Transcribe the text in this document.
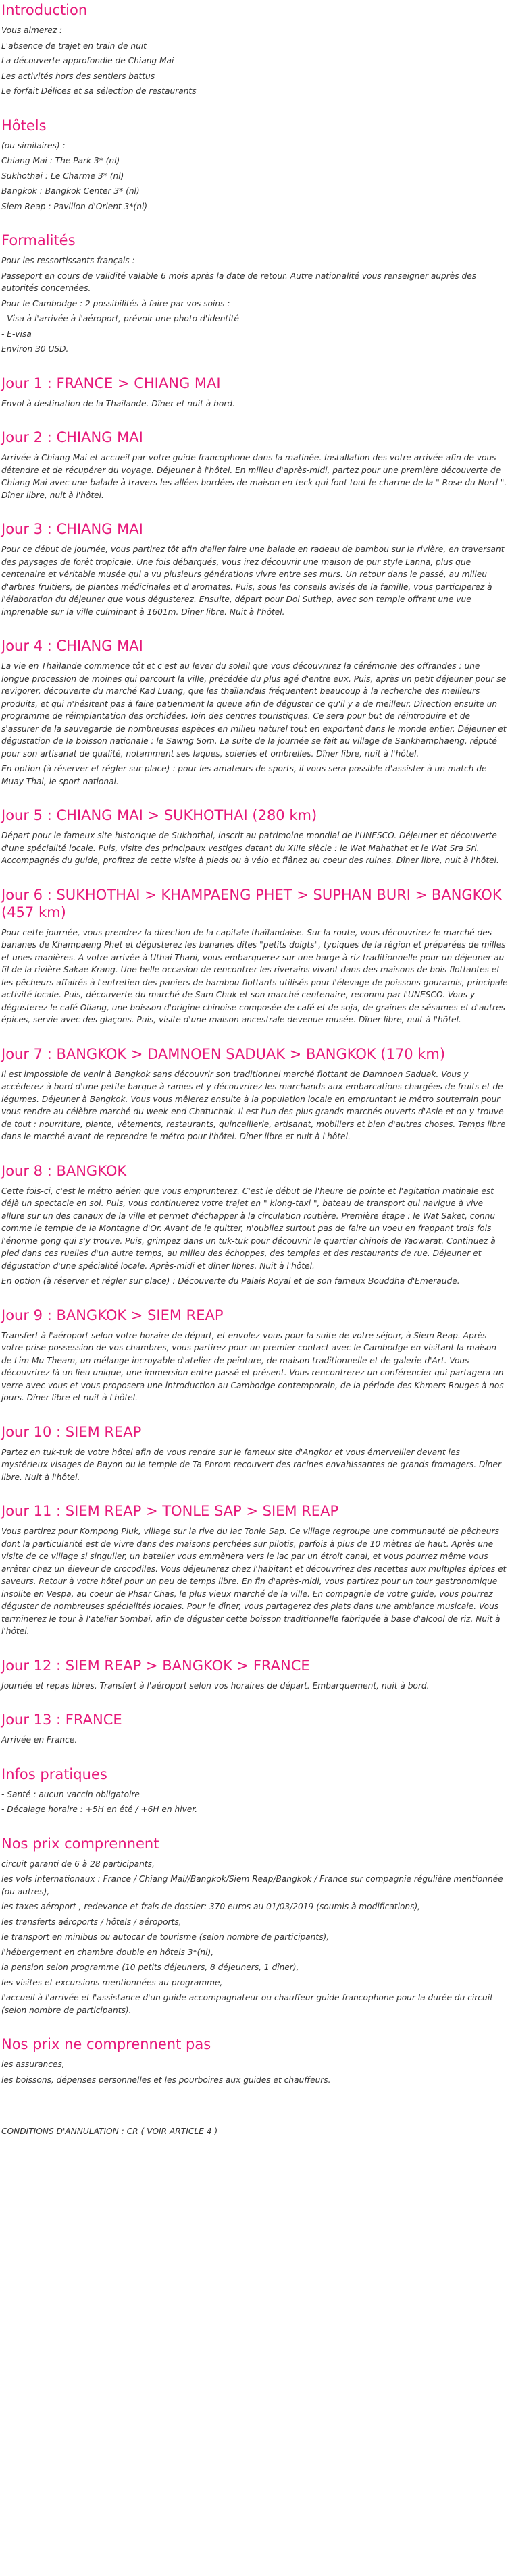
Introduction

Vous aimerez :

L'absence de trajet en train de nuit

La découverte approfondie de Chiang Mai

Les activités hors des sentiers battus

Le forfait Délices et sa sélection de restaurants

Hôtels

(ou similaires) :

Chiang Mai : The Park 3* (nl)

Sukhothai : Le Charme 3* (nl)

Bangkok : Bangkok Center 3* (nl)

Siem Reap : Pavillon d'Orient 3*(nl)

Formalités

Pour les ressortissants français :

Passeport en cours de validité valable 6 mois après la date de retour. Autre nationalité vous renseigner auprès des autorités concernées.

Pour le Cambodge : 2 possibilités à faire par vos soins :

- Visa à l'arrivée à l'aéroport, prévoir une photo d'identité

- E-visa

Environ 30 USD.

Jour 1 : FRANCE > CHIANG MAI

Envol à destination de la Thaïlande. Dîner et nuit à bord.

Jour 2 : CHIANG MAI

Arrivée à Chiang Mai et accueil par votre guide francophone dans la matinée. Installation des votre arrivée afin de vous détendre et de récupérer du voyage. Déjeuner à l'hôtel. En milieu d'après-midi, partez pour une première découverte de Chiang Mai avec une balade à travers les allées bordées de maison en teck qui font tout le charme de la " Rose du Nord ". Dîner libre, nuit à l'hôtel.

Jour 3 : CHIANG MAI

Pour ce début de journée, vous partirez tôt afin d'aller faire une balade en radeau de bambou sur la rivière, en traversant des paysages de forêt tropicale. Une fois débarqués, vous irez découvrir une maison de pur style Lanna, plus que centenaire et véritable musée qui a vu plusieurs générations vivre entre ses murs. Un retour dans le passé, au milieu d'arbres fruitiers, de plantes médicinales et d'aromates. Puis, sous les conseils avisés de la famille, vous participerez à l'élaboration du déjeuner que vous dégusterez. Ensuite, départ pour Doi Suthep, avec son temple offrant une vue imprenable sur la ville culminant à 1601m. Dîner libre. Nuit à l'hôtel.

Jour 4 : CHIANG MAI

La vie en Thaïlande commence tôt et c'est au lever du soleil que vous découvrirez la cérémonie des offrandes : une longue procession de moines qui parcourt la ville, précédée du plus agé d'entre eux. Puis, après un petit déjeuner pour se revigorer, découverte du marché Kad Luang, que les thaïlandais fréquentent beaucoup à la recherche des meilleurs produits, et qui n'hésitent pas à faire patienment la queue afin de déguster ce qu'il y a de meilleur. Direction ensuite un programme de réimplantation des orchidées, loin des centres touristiques. Ce sera pour but de réintroduire et de s'assurer de la sauvegarde de nombreuses espèces en milieu naturel tout en exportant dans le monde entier. Déjeuner et dégustation de la boisson nationale : le Sawng Som. La suite de la journée se fait au village de Sankhamphaeng, réputé pour son artisanat de qualité, notamment ses laques, soieries et ombrelles. Dîner libre, nuit à l'hôtel.

En option (à réserver et régler sur place) : pour les amateurs de sports, il vous sera possible d'assister à un match de Muay Thai, le sport national.

Jour 5 : CHIANG MAI > SUKHOTHAI (280 km)

Départ pour le fameux site historique de Sukhothai, inscrit au patrimoine mondial de l'UNESCO. Déjeuner et découverte d'une spécialité locale. Puis, visite des principaux vestiges datant du XIIIe siècle : le Wat Mahathat et le Wat Sra Sri. Accompagnés du guide, profitez de cette visite à pieds ou à vélo et flânez au coeur des ruines. Dîner libre, nuit à l'hôtel.

Jour 6 : SUKHOTHAI > KHAMPAENG PHET > SUPHAN BURI > BANGKOK (457 km)

Pour cette journée, vous prendrez la direction de la capitale thaïlandaise. Sur la route, vous découvrirez le marché des bananes de Khampaeng Phet et dégusterez les bananes dites "petits doigts", typiques de la région et préparées de milles et unes manières. A votre arrivée à Uthai Thani, vous embarquerez sur une barge à riz traditionnelle pour un déjeuner au fil de la rivière Sakae Krang. Une belle occasion de rencontrer les riverains vivant dans des maisons de bois flottantes et les pêcheurs affairés à l'entretien des paniers de bambou flottants utilisés pour l'élevage de poissons gouramis, principale activité locale. Puis, découverte du marché de Sam Chuk et son marché centenaire, reconnu par l'UNESCO. Vous y dégusterez le café Oliang, une boisson d'origine chinoise composée de café et de soja, de graines de sésames et d'autres épices, servie avec des glaçons. Puis, visite d'une maison ancestrale devenue musée. Dîner libre, nuit à l'hôtel.

Jour 7 : BANGKOK > DAMNOEN SADUAK > BANGKOK (170 km)

Il est impossible de venir à Bangkok sans découvrir son traditionnel marché flottant de Damnoen Saduak. Vous y accèderez à bord d'une petite barque à rames et y découvrirez les marchands aux embarcations chargées de fruits et de légumes. Déjeuner à Bangkok. Vous vous mêlerez ensuite à la population locale en empruntant le métro souterrain pour vous rendre au célèbre marché du week-end Chatuchak. Il est l'un des plus grands marchés ouverts d'Asie et on y trouve de tout : nourriture, plante, vêtements, restaurants, quincaillerie, artisanat, mobiliers et bien d'autres choses. Temps libre dans le marché avant de reprendre le métro pour l'hôtel. Dîner libre et nuit à l'hôtel.

Jour 8 : BANGKOK

Cette fois-ci, c'est le métro aérien que vous emprunterez. C'est le début de l'heure de pointe et l'agitation matinale est déjà un spectacle en soi. Puis, vous continuerez votre trajet en " klong-taxi ", bateau de transport qui navigue à vive allure sur un des canaux de la ville et permet d'échapper à la circulation routière. Première étape : le Wat Saket, connu comme le temple de la Montagne d'Or. Avant de le quitter, n'oubliez surtout pas de faire un voeu en frappant trois fois l'énorme gong qui s'y trouve. Puis, grimpez dans un tuk-tuk pour découvrir le quartier chinois de Yaowarat. Continuez à pied dans ces ruelles d'un autre temps, au milieu des échoppes, des temples et des restaurants de rue. Déjeuner et dégustation d'une spécialité locale. Après-midi et dîner libres. Nuit à l'hôtel.

En option (à réserver et régler sur place) : Découverte du Palais Royal et de son fameux Bouddha d'Emeraude.

Jour 9 : BANGKOK > SIEM REAP

Transfert à l'aéroport selon votre horaire de départ, et envolez-vous pour la suite de votre séjour, à Siem Reap. Après votre prise possession de vos chambres, vous partirez pour un premier contact avec le Cambodge en visitant la maison de Lim Mu Theam, un mélange incroyable d'atelier de peinture, de maison traditionnelle et de galerie d'Art. Vous découvrirez là un lieu unique, une immersion entre passé et présent. Vous rencontrerez un conférencier qui partagera un verre avec vous et vous proposera une introduction au Cambodge contemporain, de la période des Khmers Rouges à nos jours. Dîner libre et nuit à l'hôtel.

Jour 10 : SIEM REAP

Partez en tuk-tuk de votre hôtel afin de vous rendre sur le fameux site d'Angkor et vous émerveiller devant les mystérieux visages de Bayon ou le temple de Ta Phrom recouvert des racines envahissantes de grands fromagers. Dîner libre. Nuit à l'hôtel.

Jour 11 : SIEM REAP > TONLE SAP > SIEM REAP

Vous partirez pour Kompong Pluk, village sur la rive du lac Tonle Sap. Ce village regroupe une communauté de pêcheurs dont la particularité est de vivre dans des maisons perchées sur pilotis, parfois à plus de 10 mètres de haut. Après une visite de ce village si singulier, un batelier vous emmènera vers le lac par un étroit canal, et vous pourrez même vous arrêter chez un éleveur de crocodiles. Vous déjeunerez chez l'habitant et découvrirez des recettes aux multiples épices et saveurs. Retour à votre hôtel pour un peu de temps libre. En fin d'après-midi, vous partirez pour un tour gastronomique insolite en Vespa, au coeur de Phsar Chas, le plus vieux marché de la ville. En compagnie de votre guide, vous pourrez déguster de nombreuses spécialités locales. Pour le dîner, vous partagerez des plats dans une ambiance musicale. Vous terminerez le tour à l'atelier Sombai, afin de déguster cette boisson traditionnelle fabriquée à base d'alcool de riz. Nuit à l'hôtel.

Jour 12 : SIEM REAP > BANGKOK > FRANCE

Journée et repas libres. Transfert à l'aéroport selon vos horaires de départ. Embarquement, nuit à bord.

Jour 13 : FRANCE

Arrivée en France.

Infos pratiques

- Santé : aucun vaccin obligatoire

- Décalage horaire : +5H en été / +6H en hiver.

Nos prix comprennent

circuit garanti de 6 à 28 participants,

les vols internationaux : France / Chiang Mai//Bangkok/Siem Reap/Bangkok / France sur compagnie régulière mentionnée (ou autres),

les taxes aéroport , redevance et frais de dossier: 370 euros au 01/03/2019 (soumis à modifications),

les transferts aéroports / hôtels / aéroports,

le transport en minibus ou autocar de tourisme (selon nombre de participants),

l'hébergement en chambre double en hôtels 3*(nl),

la pension selon programme (10 petits déjeuners, 8 déjeuners, 1 dîner),

les visites et excursions mentionnées au programme,

l'accueil à l'arrivée et l'assistance d'un guide accompagnateur ou chauffeur-guide francophone pour la durée du circuit (selon nombre de participants).

Nos prix ne comprennent pas

les assurances,

les boissons, dépenses personnelles et les pourboires aux guides et chauffeurs.

CONDITIONS D'ANNULATION : CR ( VOIR ARTICLE 4 )
